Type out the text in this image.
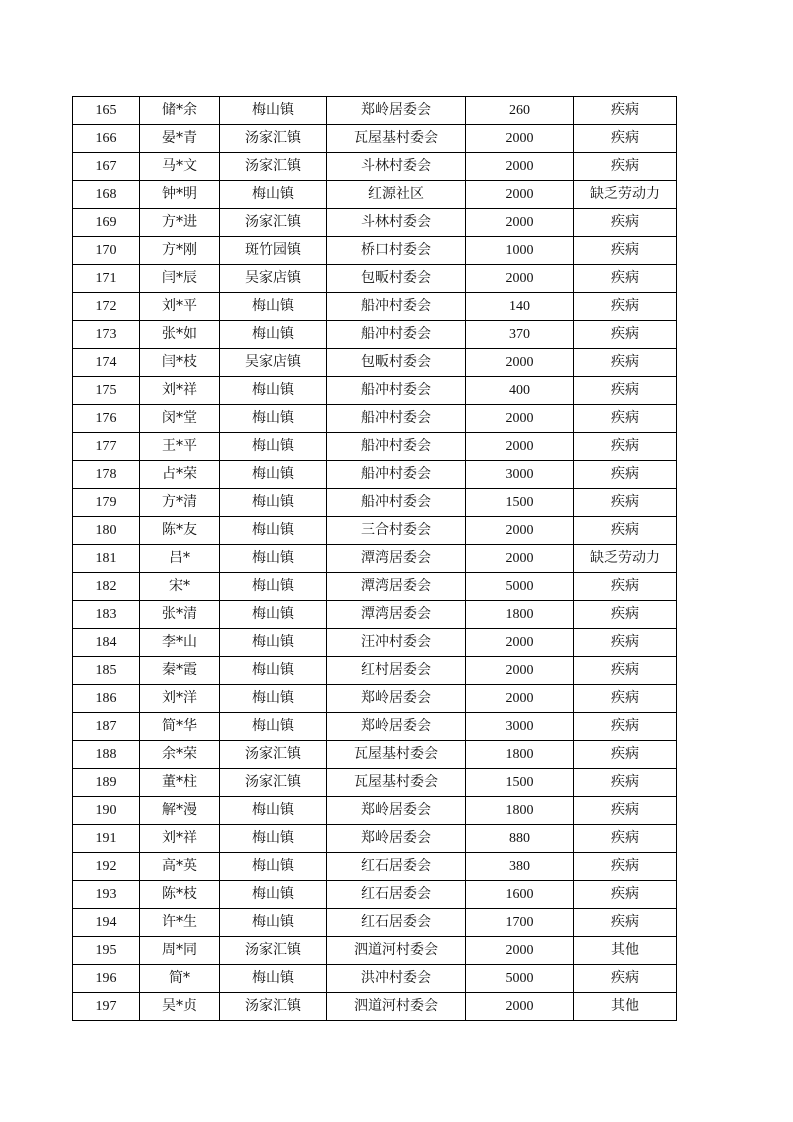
165	储*余	梅山镇	郑岭居委会	260	疾病
166	晏*青	汤家汇镇	瓦屋基村委会	2000	疾病
167	马*文	汤家汇镇	斗林村委会	2000	疾病
168	钟*明	梅山镇	红源社区	2000	缺乏劳动力
169	方*进	汤家汇镇	斗林村委会	2000	疾病
170	方*刚	斑竹园镇	桥口村委会	1000	疾病
171	闫*辰	吴家店镇	包畈村委会	2000	疾病
172	刘*平	梅山镇	船冲村委会	140	疾病
173	张*如	梅山镇	船冲村委会	370	疾病
174	闫*枝	吴家店镇	包畈村委会	2000	疾病
175	刘*祥	梅山镇	船冲村委会	400	疾病
176	闵*堂	梅山镇	船冲村委会	2000	疾病
177	王*平	梅山镇	船冲村委会	2000	疾病
178	占*荣	梅山镇	船冲村委会	3000	疾病
179	方*清	梅山镇	船冲村委会	1500	疾病
180	陈*友	梅山镇	三合村委会	2000	疾病
181	吕*	梅山镇	潭湾居委会	2000	缺乏劳动力
182	宋*	梅山镇	潭湾居委会	5000	疾病
183	张*清	梅山镇	潭湾居委会	1800	疾病
184	李*山	梅山镇	汪冲村委会	2000	疾病
185	秦*霞	梅山镇	红村居委会	2000	疾病
186	刘*洋	梅山镇	郑岭居委会	2000	疾病
187	简*华	梅山镇	郑岭居委会	3000	疾病
188	余*荣	汤家汇镇	瓦屋基村委会	1800	疾病
189	董*柱	汤家汇镇	瓦屋基村委会	1500	疾病
190	解*漫	梅山镇	郑岭居委会	1800	疾病
191	刘*祥	梅山镇	郑岭居委会	880	疾病
192	高*英	梅山镇	红石居委会	380	疾病
193	陈*枝	梅山镇	红石居委会	1600	疾病
194	许*生	梅山镇	红石居委会	1700	疾病
195	周*同	汤家汇镇	泗道河村委会	2000	其他
196	简*	梅山镇	洪冲村委会	5000	疾病
197	吴*贞	汤家汇镇	泗道河村委会	2000	其他
